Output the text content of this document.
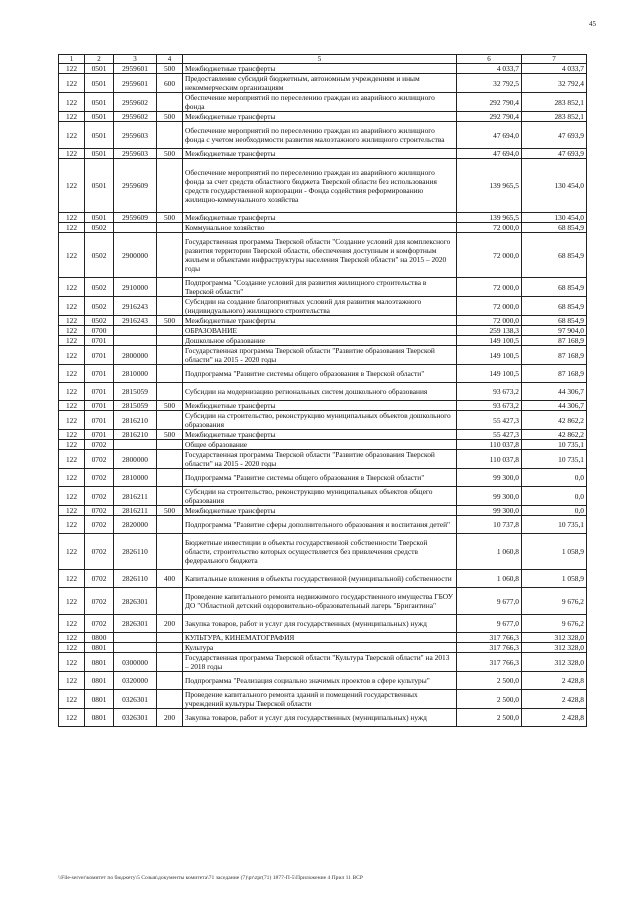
45
1	2	3	4	5	6	7
122	0501	2959601	500	Межбюджетные трансферты	4 033,7	4 033,7
122	0501	2959601	600	Предоставление субсидий бюджетным, автономным учреждениям и иным некоммерческим организациям	32 792,5	32 792,4
122	0501	2959602		Обеспечение мероприятий по переселению граждан из аварийного жилищного фонда	292 790,4	283 852,1
122	0501	2959602	500	Межбюджетные трансферты	292 790,4	283 852,1
122	0501	2959603		Обеспечение мероприятий по переселению граждан из аварийного жилищного фонда с учетом необходимости развития малоэтажного жилищного строительства	47 694,0	47 693,9
122	0501	2959603	500	Межбюджетные трансферты	47 694,0	47 693,9
122	0501	2959609		Обеспечение мероприятий по переселению граждан из аварийного жилищного фонда за счет средств областного бюджета Тверской области без использования средств государственной корпорации - Фонда содействия реформированию жилищно-коммунального хозяйства	139 965,5	130 454,0
122	0501	2959609	500	Межбюджетные трансферты	139 965,5	130 454,0
122	0502			Коммунальное хозяйство	72 000,0	68 854,9
122	0502	2900000		Государственная программа Тверской области "Создание условий для комплексного развития территории Тверской области, обеспечения доступным и комфортным жильем и объектами инфраструктуры населения Тверской области" на 2015 – 2020 годы	72 000,0	68 854,9
122	0502	2910000		Подпрограмма "Создание условий для развития жилищного строительства в Тверской области"	72 000,0	68 854,9
122	0502	2916243		Субсидии на создание благоприятных условий для развития малоэтажного (индивидуального) жилищного строительства	72 000,0	68 854,9
122	0502	2916243	500	Межбюджетные трансферты	72 000,0	68 854,9
122	0700			ОБРАЗОВАНИЕ	259 138,3	97 904,0
122	0701			Дошкольное образование	149 100,5	87 168,9
122	0701	2800000		Государственная программа Тверской области "Развитие образования Тверской области" на 2015 - 2020 годы	149 100,5	87 168,9
122	0701	2810000		Подпрограмма "Развитие системы общего образования в Тверской области"	149 100,5	87 168,9
122	0701	2815059		Субсидии на модернизацию региональных систем дошкольного образования	93 673,2	44 306,7
122	0701	2815059	500	Межбюджетные трансферты	93 673,2	44 306,7
122	0701	2816210		Субсидии на строительство, реконструкцию муниципальных объектов дошкольного образования	55 427,3	42 862,2
122	0701	2816210	500	Межбюджетные трансферты	55 427,3	42 862,2
122	0702			Общее образование	110 037,8	10 735,1
122	0702	2800000		Государственная программа Тверской области "Развитие образования Тверской области" на 2015 - 2020 годы	110 037,8	10 735,1
122	0702	2810000		Подпрограмма "Развитие системы общего образования в Тверской области"	99 300,0	0,0
122	0702	2816211		Субсидии на строительство, реконструкцию муниципальных объектов общего образования	99 300,0	0,0
122	0702	2816211	500	Межбюджетные трансферты	99 300,0	0,0
122	0702	2820000		Подпрограмма "Развитие сферы дополнительного образования и воспитания детей"	10 737,8	10 735,1
122	0702	2826110		Бюджетные инвестиции в объекты государственной собственности Тверской области, строительство которых осуществляется без привлечения средств федерального бюджета	1 060,8	1 058,9
122	0702	2826110	400	Капитальные вложения в объекты государственной (муниципальной) собственности	1 060,8	1 058,9
122	0702	2826301		Проведение капитального ремонта недвижимого государственного имущества ГБОУ ДО "Областной детский оздоровительно-образовательный лагерь "Бригантина"	9 677,0	9 676,2
122	0702	2826301	200	Закупка товаров, работ и услуг для государственных (муниципальных) нужд	9 677,0	9 676,2
122	0800			КУЛЬТУРА, КИНЕМАТОГРАФИЯ	317 766,3	312 328,0
122	0801			Культура	317 766,3	312 328,0
122	0801	0300000		Государственная программа Тверской области "Культура Тверской области" на 2013 – 2018 годы	317 766,3	312 328,0
122	0801	0320000		Подпрограмма "Реализация социально значимых проектов в сфере культуры"	2 500,0	2 428,8
122	0801	0326301		Проведение капитального ремонта зданий и помещений государственных учреждений культуры Тверской области	2 500,0	2 428,8
122	0801	0326301	200	Закупка товаров, работ и услуг для государственных (муниципальных) нужд	2 500,0	2 428,8
\\File-server\комитет по бюджету\5 Созыв\документы комитета\71 заседание (7)\pr\zpr(71) 1877-П-5\Приложение 4 Прил 11 BCP
